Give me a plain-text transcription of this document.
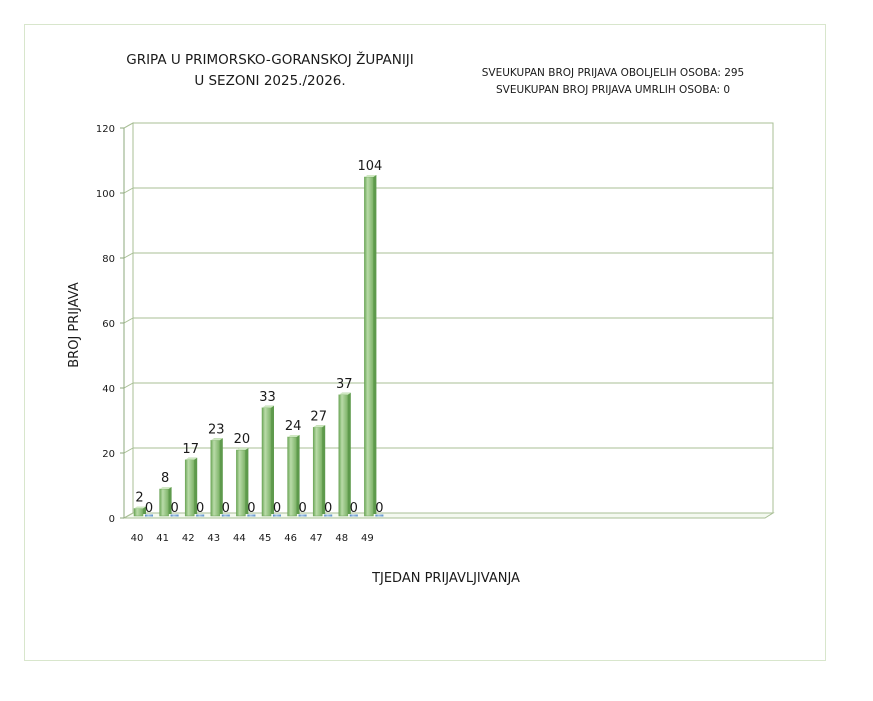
GRIPA U PRIMORSKO-GORANSKOJ ŽUPANIJI
U SEZONI 2025./2026.	SVEUKUPAN BROJ PRIJAVA OBOLJELIH OSOBA: 295
SVEUKUPAN BROJ PRIJAVA UMRLIH OSOBA: 0
0
20
40
60
80
100
120
2
0
40
8
0
41
17
0
42
23
0
43
20
0
44
33
0
45
24
0
46
27
0
47
37
0
48
104
0
49
TJEDAN PRIJAVLJIVANJA
BROJ PRIJAVA
